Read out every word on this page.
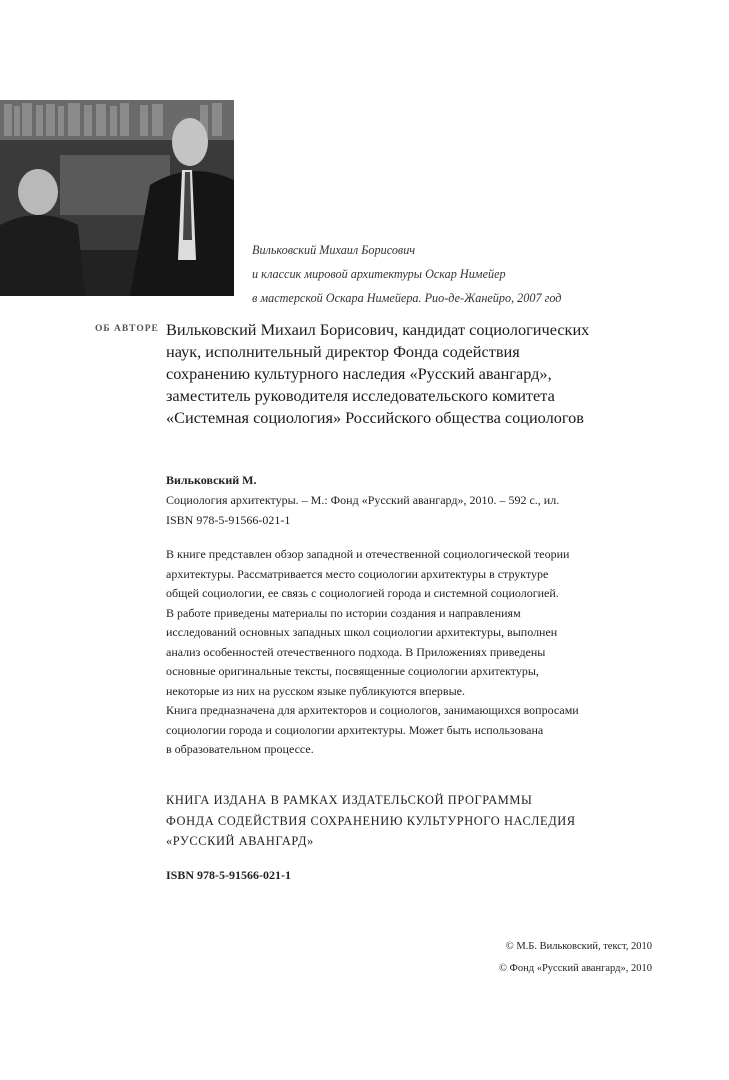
Вильковский Михаил Борисович
и классик мировой архитектуры Оскар Нимейер
в мастерской Оскара Нимейера. Рио-де-Жанейро, 2007 год
ОБ АВТОРЕ Вильковский Михаил Борисович, кандидат социологических
наук, исполнительный директор Фонда содействия
сохранению культурного наследия «Русский авангард»,
заместитель руководителя исследовательского комитета
«Системная социология» Российского общества социологов
Вильковский М.
Социология архитектуры. – М.: Фонд «Русский авангард», 2010. – 592 с., ил.
ISBN 978-5-91566-021-1
В книге представлен обзор западной и отечественной социологической теории
архитектуры. Рассматривается место социологии архитектуры в структуре
общей социологии, ее связь с социологией города и системной социологией.
В работе приведены материалы по истории создания и направлениям
исследований основных западных школ социологии архитектуры, выполнен
анализ особенностей отечественного подхода. В Приложениях приведены
основные оригинальные тексты, посвященные социологии архитектуры,
некоторые из них на русском языке публикуются впервые.
Книга предназначена для архитекторов и социологов, занимающихся вопросами
социологии города и социологии архитектуры. Может быть использована
в образовательном процессе.
КНИГА ИЗДАНА В РАМКАХ ИЗДАТЕЛЬСКОЙ ПРОГРАММЫ
ФОНДА СОДЕЙСТВИЯ СОХРАНЕНИЮ КУЛЬТУРНОГО НАСЛЕДИЯ
«РУССКИЙ АВАНГАРД»
ISBN 978-5-91566-021-1
© М.Б. Вильковский, текст, 2010
© Фонд «Русский авангард», 2010
